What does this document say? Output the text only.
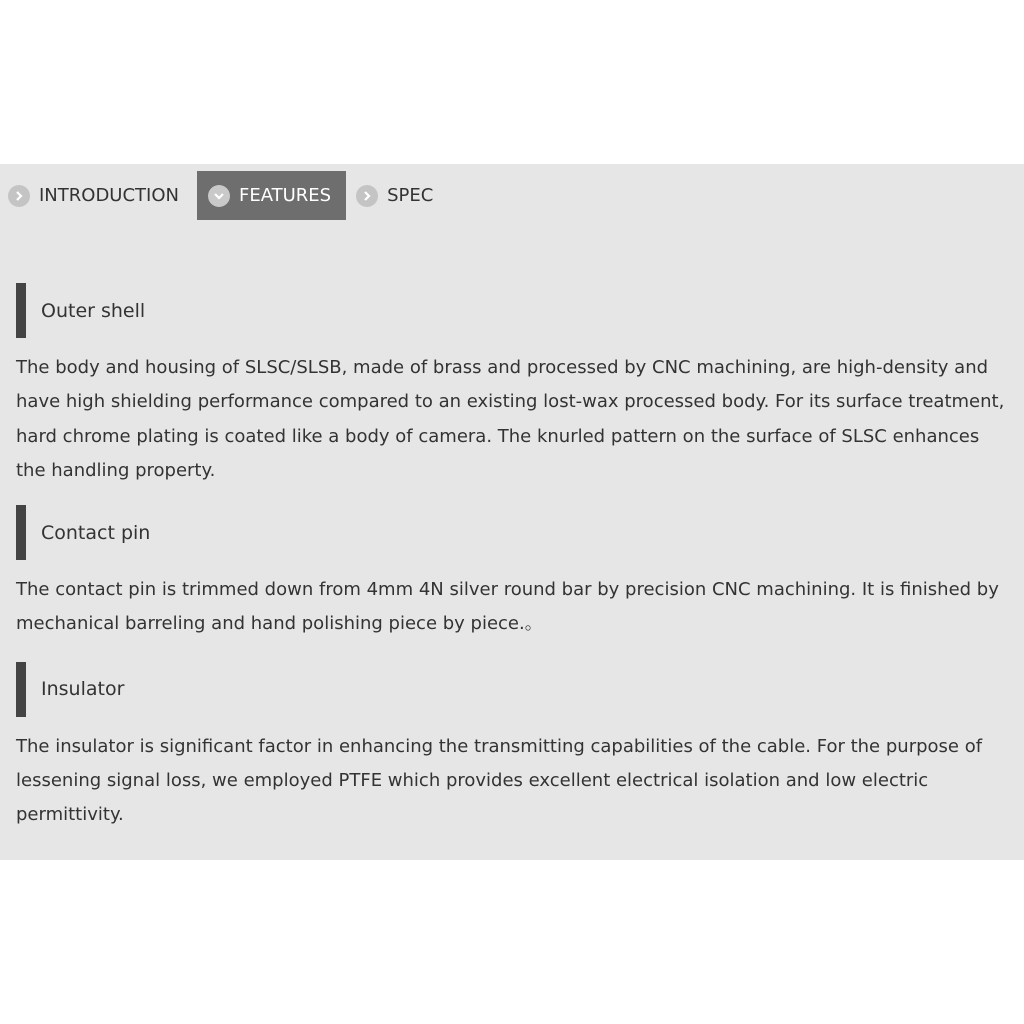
INTRODUCTION	FEATURES	SPEC
Outer shell

The body and housing of SLSC/SLSB, made of brass and processed by CNC machining, are high-density and have high shielding performance compared to an existing lost-wax processed body. For its surface treatment, hard chrome plating is coated like a body of camera. The knurled pattern on the surface of SLSC enhances the handling property.

Contact pin

The contact pin is trimmed down from 4mm 4N silver round bar by precision CNC machining. It is finished by mechanical barreling and hand polishing piece by piece.。

Insulator

The insulator is significant factor in enhancing the transmitting capabilities of the cable. For the purpose of lessening signal loss, we employed PTFE which provides excellent electrical isolation and low electric permittivity.
